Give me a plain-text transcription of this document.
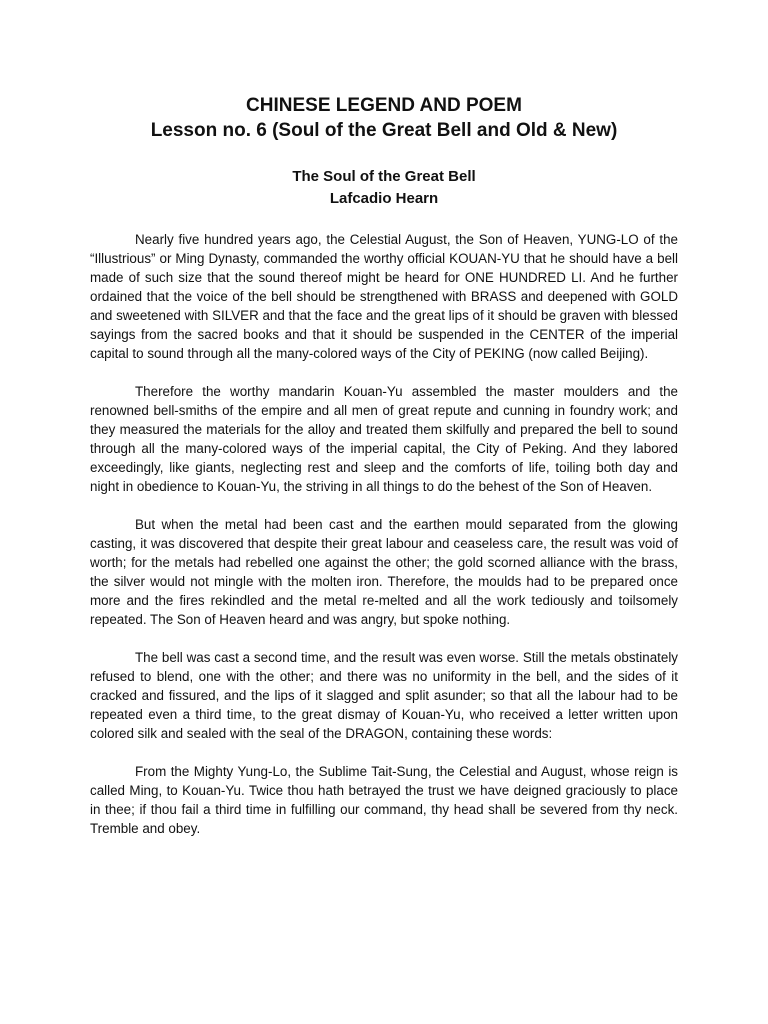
CHINESE LEGEND AND POEM
Lesson no. 6 (Soul of the Great Bell and Old & New)
The Soul of the Great Bell
Lafcadio Hearn

Nearly five hundred years ago, the Celestial August, the Son of Heaven, YUNG-LO of the “Illustrious” or Ming Dynasty, commanded the worthy official KOUAN-YU that he should have a bell made of such size that the sound thereof might be heard for ONE HUNDRED LI. And he further ordained that the voice of the bell should be strengthened with BRASS and deepened with GOLD and sweetened with SILVER and that the face and the great lips of it should be graven with blessed sayings from the sacred books and that it should be suspended in the CENTER of the imperial capital to sound through all the many-colored ways of the City of PEKING (now called Beijing).

Therefore the worthy mandarin Kouan-Yu assembled the master moulders and the renowned bell-smiths of the empire and all men of great repute and cunning in foundry work; and they measured the materials for the alloy and treated them skilfully and prepared the bell to sound through all the many-colored ways of the imperial capital, the City of Peking. And they labored exceedingly, like giants, neglecting rest and sleep and the comforts of life, toiling both day and night in obedience to Kouan-Yu, the striving in all things to do the behest of the Son of Heaven.

But when the metal had been cast and the earthen mould separated from the glowing casting, it was discovered that despite their great labour and ceaseless care, the result was void of worth; for the metals had rebelled one against the other; the gold scorned alliance with the brass, the silver would not mingle with the molten iron. Therefore, the moulds had to be prepared once more and the fires rekindled and the metal re-melted and all the work tediously and toilsomely repeated. The Son of Heaven heard and was angry, but spoke nothing.

The bell was cast a second time, and the result was even worse. Still the metals obstinately refused to blend, one with the other; and there was no uniformity in the bell, and the sides of it cracked and fissured, and the lips of it slagged and split asunder; so that all the labour had to be repeated even a third time, to the great dismay of Kouan-Yu, who received a letter written upon colored silk and sealed with the seal of the DRAGON, containing these words:

From the Mighty Yung-Lo, the Sublime Tait-Sung, the Celestial and August, whose reign is called Ming, to Kouan-Yu. Twice thou hath betrayed the trust we have deigned graciously to place in thee; if thou fail a third time in fulfilling our command, thy head shall be severed from thy neck. Tremble and obey.
